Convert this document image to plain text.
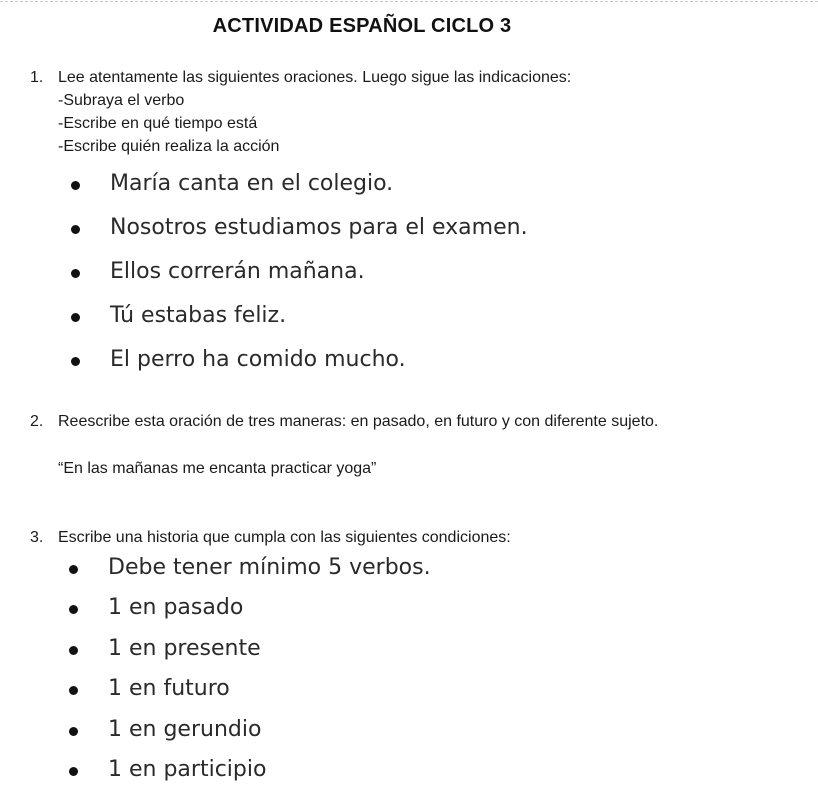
ACTIVIDAD ESPAÑOL CICLO 3
1. Lee atentamente las siguientes oraciones. Luego sigue las indicaciones:
-Subraya el verbo
-Escribe en qué tiempo está
-Escribe quién realiza la acción
María canta en el colegio.
Nosotros estudiamos para el examen.
Ellos correrán mañana.
Tú estabas feliz.
El perro ha comido mucho.
2. Reescribe esta oración de tres maneras: en pasado, en futuro y con diferente sujeto.
“En las mañanas me encanta practicar yoga”
3. Escribe una historia que cumpla con las siguientes condiciones:
Debe tener mínimo 5 verbos.
1 en pasado
1 en presente
1 en futuro
1 en gerundio
1 en participio
